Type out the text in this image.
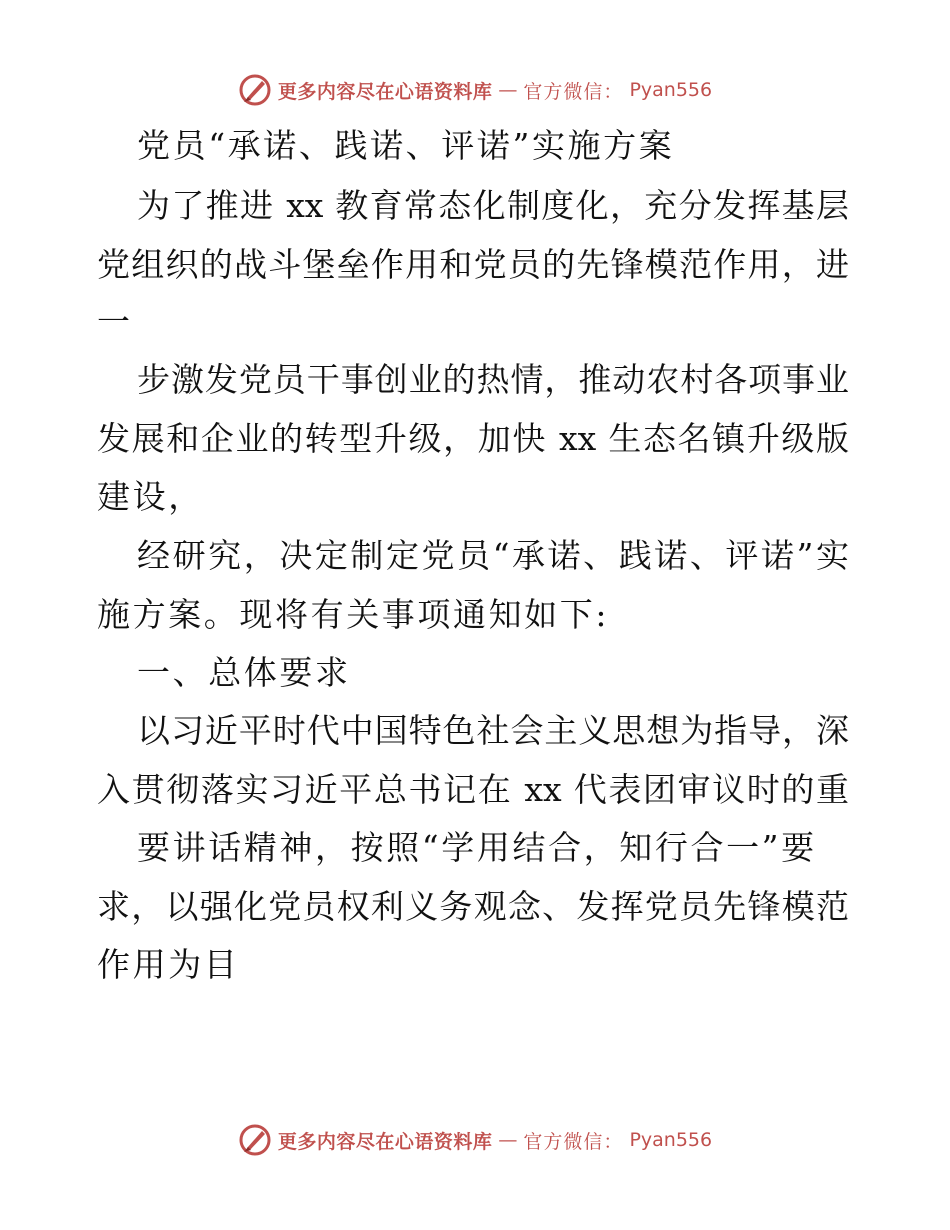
更多内容尽在心语资料库 — 官方微信： Pyan556
党员“承诺、践诺、评诺”实施方案
为了推进 xx 教育常态化制度化，充分发挥基层
党组织的战斗堡垒作用和党员的先锋模范作用，进
一
步激发党员干事创业的热情，推动农村各项事业
发展和企业的转型升级，加快 xx 生态名镇升级版
建设，
经研究，决定制定党员“承诺、践诺、评诺”实
施方案。现将有关事项通知如下:
一、总体要求
以习近平时代中国特色社会主义思想为指导，深
入贯彻落实习近平总书记在 xx 代表团审议时的重
要讲话精神，按照“学用结合，知行合一”要
求，以强化党员权利义务观念、发挥党员先锋模范
作用为目
更多内容尽在心语资料库 — 官方微信： Pyan556
